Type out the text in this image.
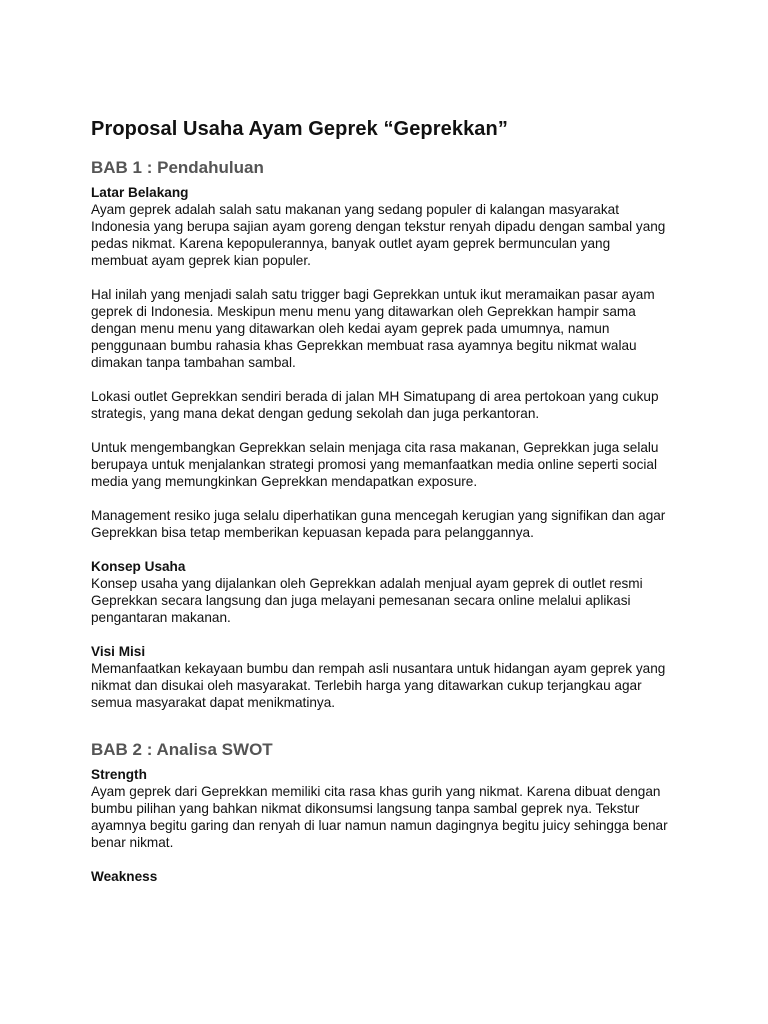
Proposal Usaha Ayam Geprek “Geprekkan”
BAB 1 : Pendahuluan
Latar Belakang

Ayam geprek adalah salah satu makanan yang sedang populer di kalangan masyarakat
Indonesia yang berupa sajian ayam goreng dengan tekstur renyah dipadu dengan sambal yang
pedas nikmat. Karena kepopulerannya, banyak outlet ayam geprek bermunculan yang
membuat ayam geprek kian populer.

Hal inilah yang menjadi salah satu trigger bagi Geprekkan untuk ikut meramaikan pasar ayam
geprek di Indonesia. Meskipun menu menu yang ditawarkan oleh Geprekkan hampir sama
dengan menu menu yang ditawarkan oleh kedai ayam geprek pada umumnya, namun
penggunaan bumbu rahasia khas Geprekkan membuat rasa ayamnya begitu nikmat walau
dimakan tanpa tambahan sambal.

Lokasi outlet Geprekkan sendiri berada di jalan MH Simatupang di area pertokoan yang cukup
strategis, yang mana dekat dengan gedung sekolah dan juga perkantoran.

Untuk mengembangkan Geprekkan selain menjaga cita rasa makanan, Geprekkan juga selalu
berupaya untuk menjalankan strategi promosi yang memanfaatkan media online seperti social
media yang memungkinkan Geprekkan mendapatkan exposure.

Management resiko juga selalu diperhatikan guna mencegah kerugian yang signifikan dan agar
Geprekkan bisa tetap memberikan kepuasan kepada para pelanggannya.

Konsep Usaha

Konsep usaha yang dijalankan oleh Geprekkan adalah menjual ayam geprek di outlet resmi
Geprekkan secara langsung dan juga melayani pemesanan secara online melalui aplikasi
pengantaran makanan.

Visi Misi

Memanfaatkan kekayaan bumbu dan rempah asli nusantara untuk hidangan ayam geprek yang
nikmat dan disukai oleh masyarakat. Terlebih harga yang ditawarkan cukup terjangkau agar
semua masyarakat dapat menikmatinya.

BAB 2 : Analisa SWOT
Strength

Ayam geprek dari Geprekkan memiliki cita rasa khas gurih yang nikmat. Karena dibuat dengan
bumbu pilihan yang bahkan nikmat dikonsumsi langsung tanpa sambal geprek nya. Tekstur
ayamnya begitu garing dan renyah di luar namun namun dagingnya begitu juicy sehingga benar
benar nikmat.

Weakness
